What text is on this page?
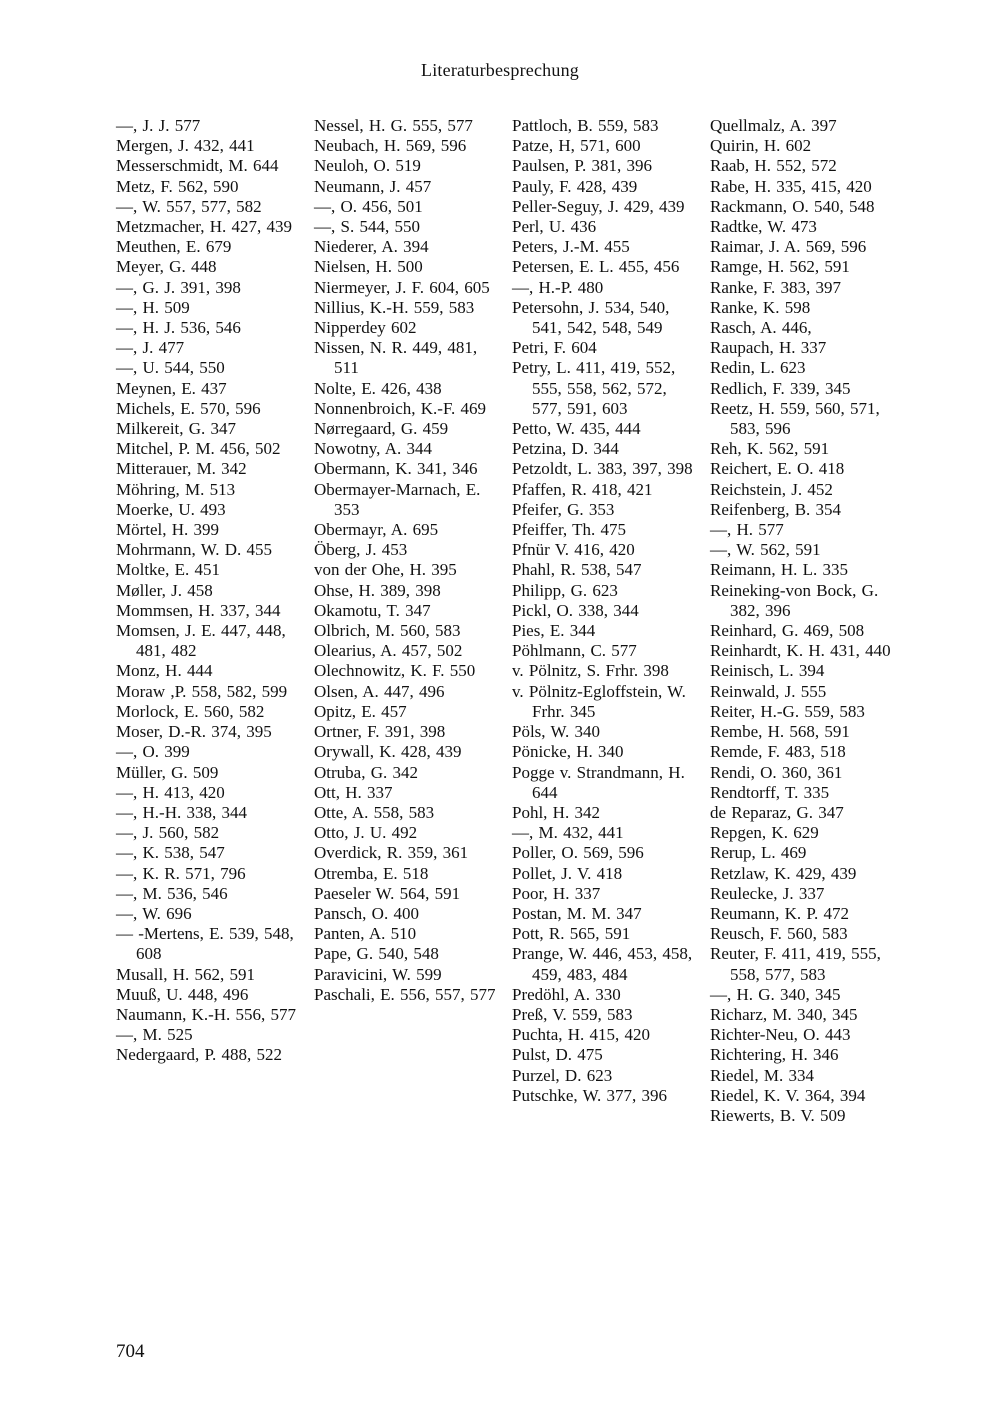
Literaturbesprechung
—, J. J. 577
Mergen, J. 432, 441
Messerschmidt, M. 644
Metz, F. 562, 590
—, W. 557, 577, 582
Metzmacher, H. 427, 439
Meuthen, E. 679
Meyer, G. 448
—, G. J. 391, 398
—, H. 509
—, H. J. 536, 546
—, J. 477
—, U. 544, 550
Meynen, E. 437
Michels, E. 570, 596
Milkereit, G. 347
Mitchel, P. M. 456, 502
Mitterauer, M. 342
Möhring, M. 513
Moerke, U. 493
Mörtel, H. 399
Mohrmann, W. D. 455
Moltke, E. 451
Møller, J. 458
Mommsen, H. 337, 344
Momsen, J. E. 447, 448, 481, 482
Monz, H. 444
Moraw ,P. 558, 582, 599
Morlock, E. 560, 582
Moser, D.-R. 374, 395
—, O. 399
Müller, G. 509
—, H. 413, 420
—, H.-H. 338, 344
—, J. 560, 582
—, K. 538, 547
—, K. R. 571, 796
—, M. 536, 546
—, W. 696
— -Mertens, E. 539, 548, 608
Musall, H. 562, 591
Muuß, U. 448, 496
Naumann, K.-H. 556, 577
—, M. 525
Nedergaard, P. 488, 522
Nessel, H. G. 555, 577
Neubach, H. 569, 596
Neuloh, O. 519
Neumann, J. 457
—, O. 456, 501
—, S. 544, 550
Niederer, A. 394
Nielsen, H. 500
Niermeyer, J. F. 604, 605
Nillius, K.-H. 559, 583
Nipperdey 602
Nissen, N. R. 449, 481, 511
Nolte, E. 426, 438
Nonnenbroich, K.-F. 469
Nørregaard, G. 459
Nowotny, A. 344
Obermann, K. 341, 346
Obermayer-Marnach, E. 353
Obermayr, A. 695
Öberg, J. 453
von der Ohe, H. 395
Ohse, H. 389, 398
Okamotu, T. 347
Olbrich, M. 560, 583
Olearius, A. 457, 502
Olechnowitz, K. F. 550
Olsen, A. 447, 496
Opitz, E. 457
Ortner, F. 391, 398
Orywall, K. 428, 439
Otruba, G. 342
Ott, H. 337
Otte, A. 558, 583
Otto, J. U. 492
Overdick, R. 359, 361
Otremba, E. 518
Paeseler W. 564, 591
Pansch, O. 400
Panten, A. 510
Pape, G. 540, 548
Paravicini, W. 599
Paschali, E. 556, 557, 577
Pattloch, B. 559, 583
Patze, H, 571, 600
Paulsen, P. 381, 396
Pauly, F. 428, 439
Peller-Seguy, J. 429, 439
Perl, U. 436
Peters, J.-M. 455
Petersen, E. L. 455, 456
—, H.-P. 480
Petersohn, J. 534, 540, 541, 542, 548, 549
Petri, F. 604
Petry, L. 411, 419, 552, 555, 558, 562, 572, 577, 591, 603
Petto, W. 435, 444
Petzina, D. 344
Petzoldt, L. 383, 397, 398
Pfaffen, R. 418, 421
Pfeifer, G. 353
Pfeiffer, Th. 475
Pfnür V. 416, 420
Phahl, R. 538, 547
Philipp, G. 623
Pickl, O. 338, 344
Pies, E. 344
Pöhlmann, C. 577
v. Pölnitz, S. Frhr. 398
v. Pölnitz-Egloffstein, W. Frhr. 345
Pöls, W. 340
Pönicke, H. 340
Pogge v. Strandmann, H. 644
Pohl, H. 342
—, M. 432, 441
Poller, O. 569, 596
Pollet, J. V. 418
Poor, H. 337
Postan, M. M. 347
Pott, R. 565, 591
Prange, W. 446, 453, 458, 459, 483, 484
Predöhl, A. 330
Preß, V. 559, 583
Puchta, H. 415, 420
Pulst, D. 475
Purzel, D. 623
Putschke, W. 377, 396
Quellmalz, A. 397
Quirin, H. 602
Raab, H. 552, 572
Rabe, H. 335, 415, 420
Rackmann, O. 540, 548
Radtke, W. 473
Raimar, J. A. 569, 596
Ramge, H. 562, 591
Ranke, F. 383, 397
Ranke, K. 598
Rasch, A. 446,
Raupach, H. 337
Redin, L. 623
Redlich, F. 339, 345
Reetz, H. 559, 560, 571, 583, 596
Reh, K. 562, 591
Reichert, E. O. 418
Reichstein, J. 452
Reifenberg, B. 354
—, H. 577
—, W. 562, 591
Reimann, H. L. 335
Reineking-von Bock, G. 382, 396
Reinhard, G. 469, 508
Reinhardt, K. H. 431, 440
Reinisch, L. 394
Reinwald, J. 555
Reiter, H.-G. 559, 583
Rembe, H. 568, 591
Remde, F. 483, 518
Rendi, O. 360, 361
Rendtorff, T. 335
de Reparaz, G. 347
Repgen, K. 629
Rerup, L. 469
Retzlaw, K. 429, 439
Reulecke, J. 337
Reumann, K. P. 472
Reusch, F. 560, 583
Reuter, F. 411, 419, 555, 558, 577, 583
—, H. G. 340, 345
Richarz, M. 340, 345
Richter-Neu, O. 443
Richtering, H. 346
Riedel, M. 334
Riedel, K. V. 364, 394
Riewerts, B. V. 509
704
